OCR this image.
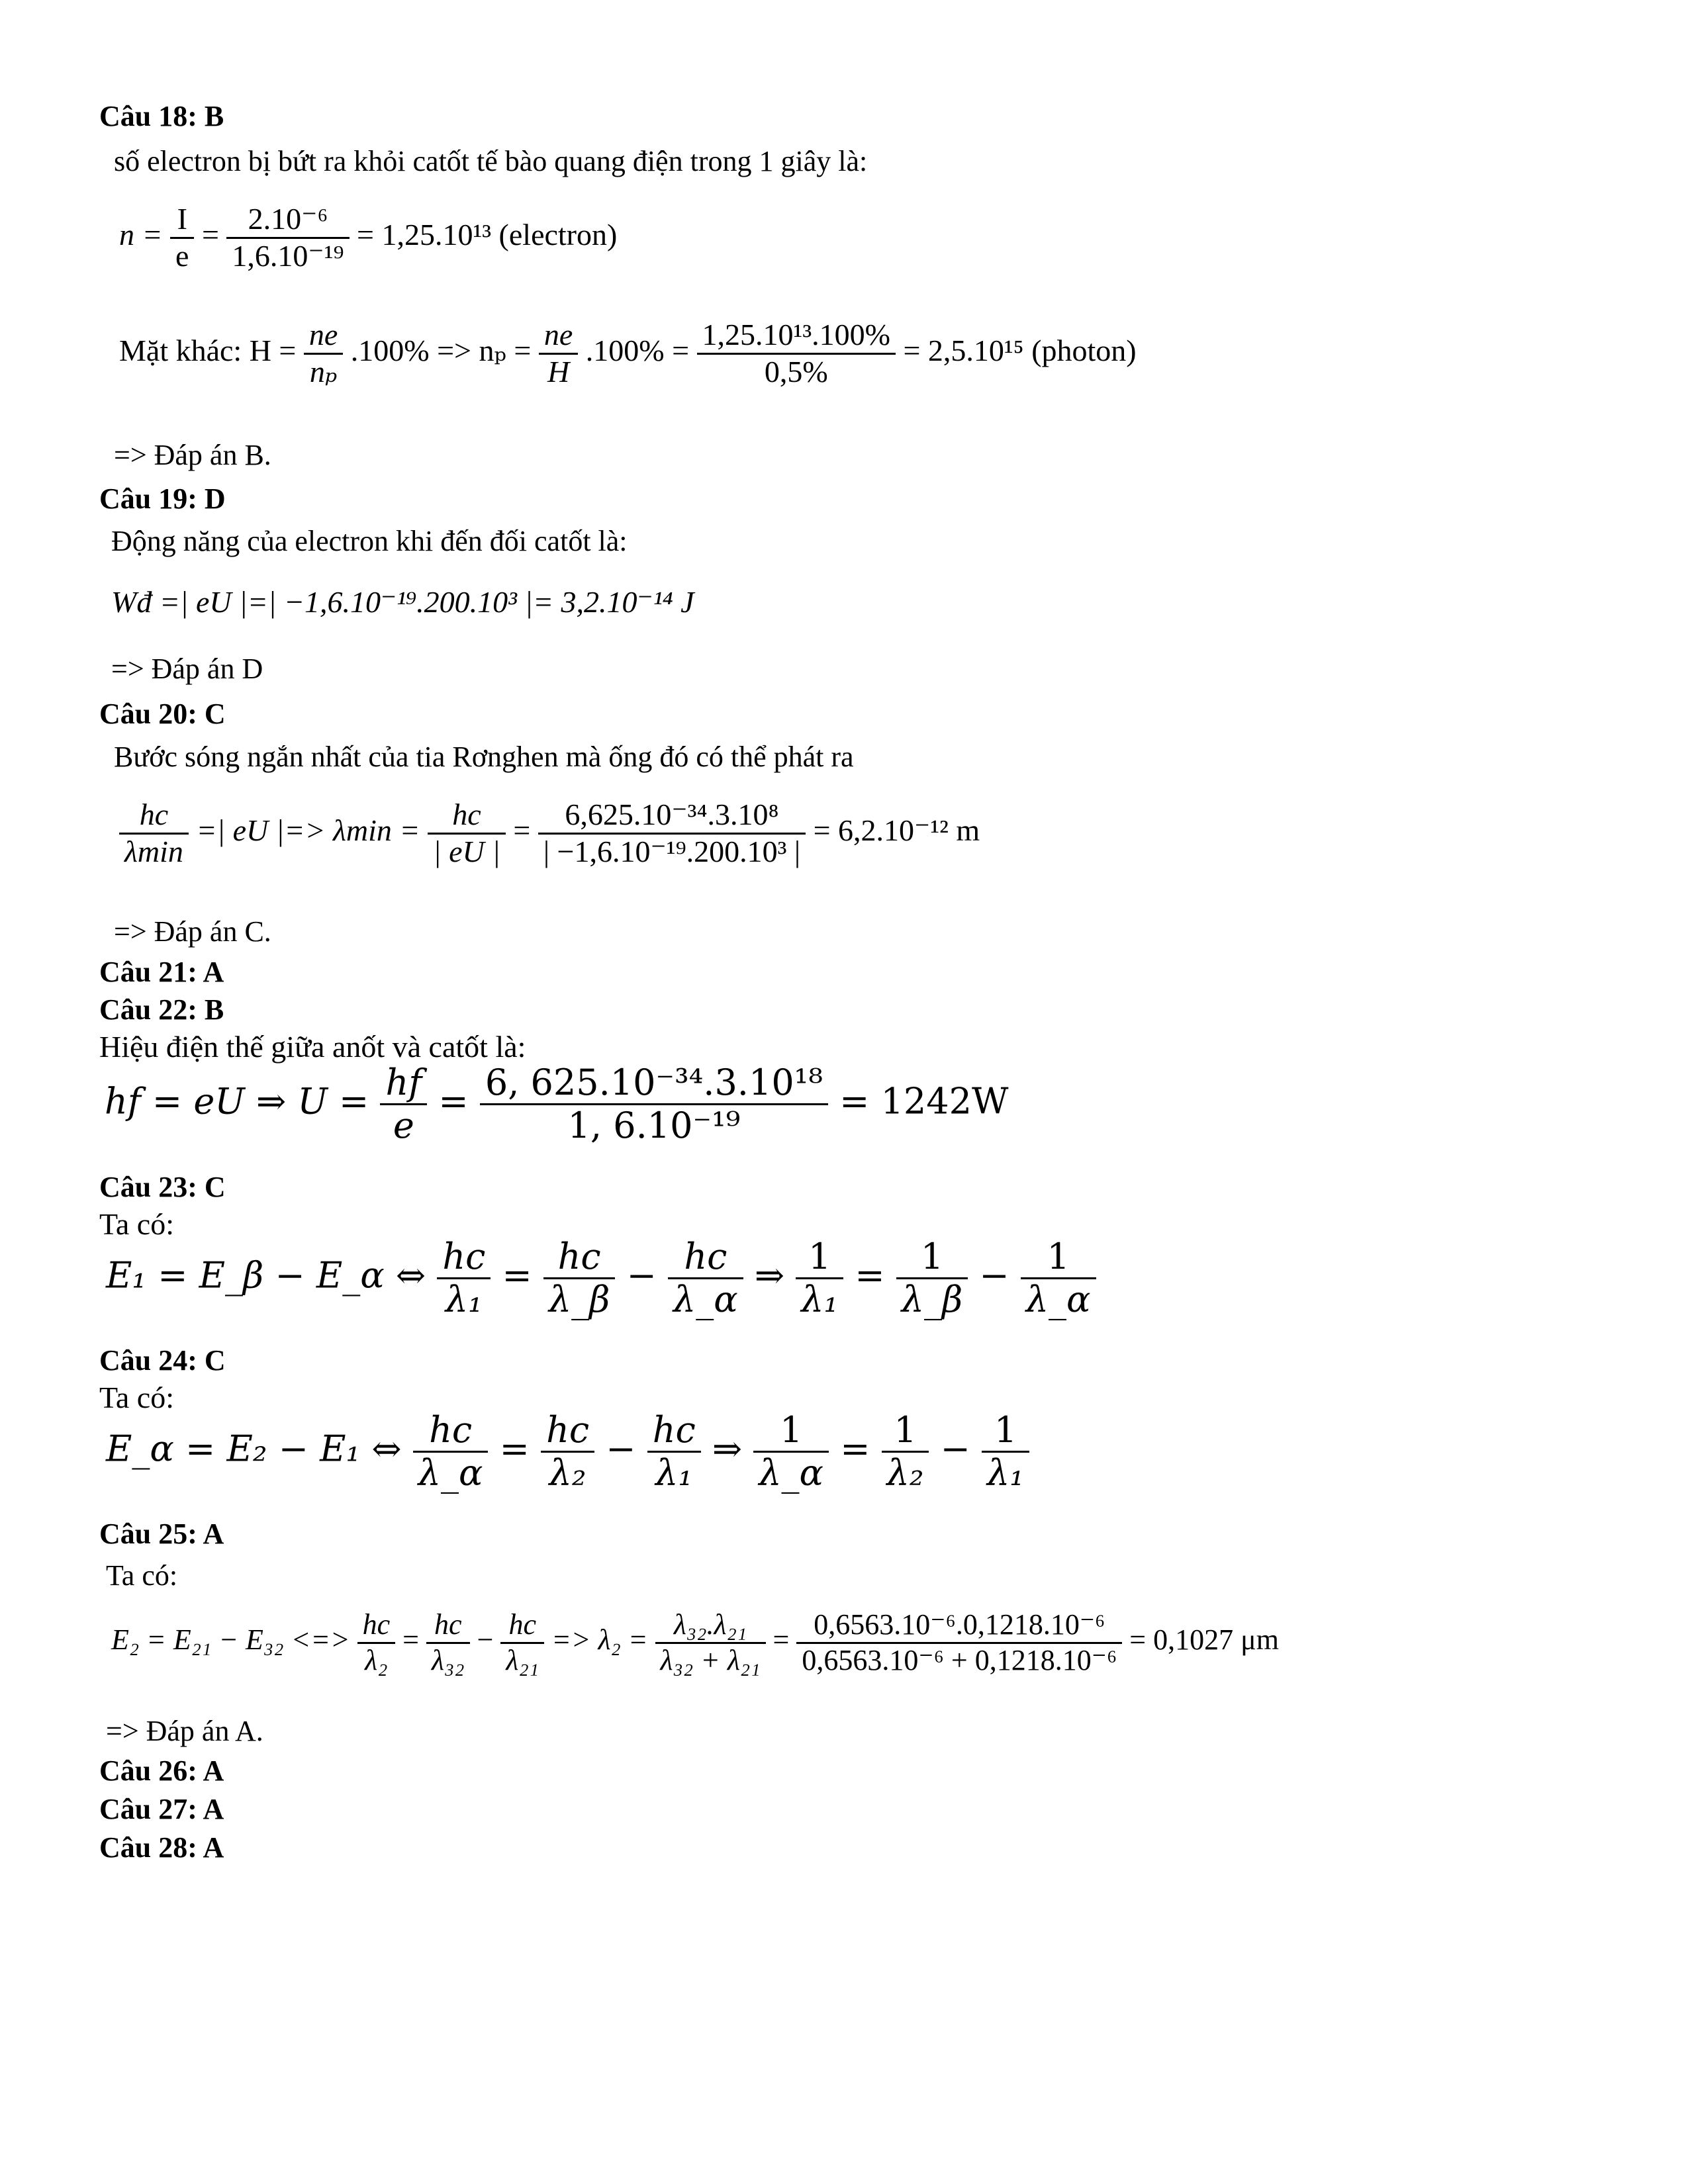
Câu 18: B
số electron bị bứt ra khỏi catốt tế bào quang điện trong 1 giây là:
$n = \frac{I}{e} = \frac{\text{2.10⁻⁶}}{\text{1,6.10⁻¹⁹}} = 1,25.10^{13}$ (electron)
Mặt khác: $H = \frac{ne}{\text{nₚ}} .100\% => n_p = \frac{ne}{H} .100\% = \frac{\text{1,25.10¹³.100\%}}{0,5\%} = 2,5.10^{15}$ (photon)
=> Đáp án B.
Câu 19: D
Động năng của electron khi đến đối catốt là:
Wđ =| eU |=| −1,6.10⁻¹⁹.200.10³ |= 3,2.10⁻¹⁴ J
=> Đáp án D
Câu 20: C
Bước sóng ngắn nhất của tia Rơnghen mà ống đó có thể phát ra
$\frac{hc}{\lambda\min}$ =| eU |=> $\lambda\min = \frac{hc}{| eU |} = \frac{\text{6,625.10⁻³⁴.3.10⁸}}{\text{| −1,6.10⁻¹⁹.200.10³ |}} = 6,2.10^{-12}$ m
=> Đáp án C.
Câu 21: A
Câu 22: B
Hiệu điện thế giữa anốt và catốt là:
hf = eU ⇒ $U = \frac{hf}{e} = \frac{\text{6, 625.10⁻³⁴.3.10¹⁸}}{\text{1, 6.10⁻¹⁹}} = 1242W$
Câu 23: C
Ta có:
E₁ = E_β − E_α ⇔ $\frac{hc}{\text{λ₁}} = \frac{hc}{\lambda\_\beta} - \frac{hc}{\lambda\_\alpha}$ ⇒ $\frac{1}{\text{λ₁}} = \frac{1}{\lambda\_\beta} - \frac{1}{\lambda\_\alpha}$
Câu 24: C
Ta có:
E_α = E₂ − E₁ ⇔ $\frac{hc}{\lambda\_\alpha} = \frac{hc}{\text{λ₂}} - \frac{hc}{\text{λ₁}}$ ⇒ $\frac{1}{\lambda\_\alpha} = \frac{1}{\text{λ₂}} - \frac{1}{\text{λ₁}}$
Câu 25: A
Ta có:
E₂ = E₂₁ − E₃₂ <=> $\frac{hc}{\text{λ₂}} = \frac{hc}{\text{λ₃₂}} - \frac{hc}{\text{λ₂₁}} => \lambda_2 = \frac{\text{λ₃₂.λ₂₁}}{\text{λ₃₂ + λ₂₁}} = \frac{\text{0,6563.10⁻⁶.0,1218.10⁻⁶}}{\text{0,6563.10⁻⁶ + 0,1218.10⁻⁶}} = 0,1027$ μm
=> Đáp án A.
Câu 26: A
Câu 27: A
Câu 28: A
